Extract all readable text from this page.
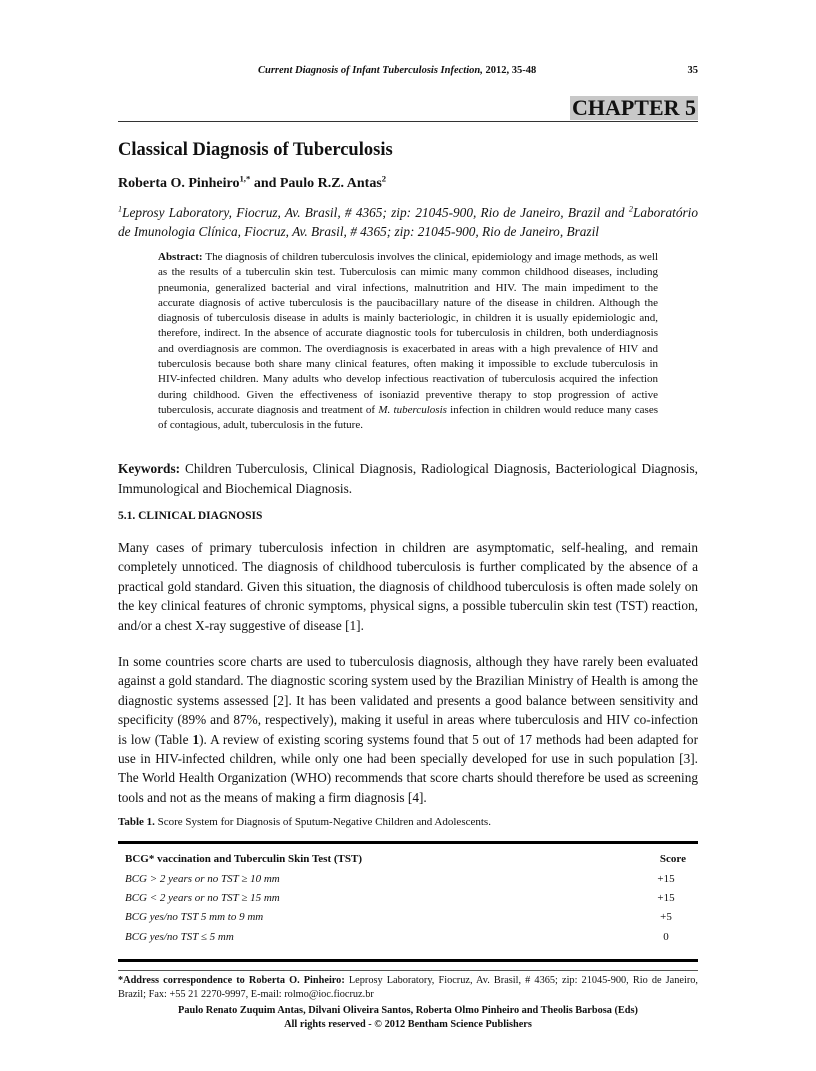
Current Diagnosis of Infant Tuberculosis Infection, 2012, 35-48	35
CHAPTER 5
Classical Diagnosis of Tuberculosis
Roberta O. Pinheiro$^{1,*}$ and Paulo R.Z. Antas$^2$
$^1$Leprosy Laboratory, Fiocruz, Av. Brasil, # 4365; zip: 21045-900, Rio de Janeiro, Brazil and $^2$Laboratório de Imunologia Clínica, Fiocruz, Av. Brasil, # 4365; zip: 21045-900, Rio de Janeiro, Brazil
Abstract: The diagnosis of children tuberculosis involves the clinical, epidemiology and image methods, as well as the results of a tuberculin skin test. Tuberculosis can mimic many common childhood diseases, including pneumonia, generalized bacterial and viral infections, malnutrition and HIV. The main impediment to the accurate diagnosis of active tuberculosis is the paucibacillary nature of the disease in children. Although the diagnosis of tuberculosis disease in adults is mainly bacteriologic, in children it is usually epidemiologic and, therefore, indirect. In the absence of accurate diagnostic tools for tuberculosis in children, both underdiagnosis and overdiagnosis are common. The overdiagnosis is exacerbated in areas with a high prevalence of HIV and tuberculosis because both share many clinical features, often making it impossible to exclude tuberculosis in HIV-infected children. Many adults who develop infectious reactivation of tuberculosis acquired the infection during childhood. Given the effectiveness of isoniazid preventive therapy to stop progression of active tuberculosis, accurate diagnosis and treatment of M. tuberculosis infection in children would reduce many cases of contagious, adult, tuberculosis in the future.
Keywords: Children Tuberculosis, Clinical Diagnosis, Radiological Diagnosis, Bacteriological Diagnosis, Immunological and Biochemical Diagnosis.
5.1. CLINICAL DIAGNOSIS
Many cases of primary tuberculosis infection in children are asymptomatic, self-healing, and remain completely unnoticed. The diagnosis of childhood tuberculosis is further complicated by the absence of a practical gold standard. Given this situation, the diagnosis of childhood tuberculosis is often made solely on the key clinical features of chronic symptoms, physical signs, a possible tuberculin skin test (TST) reaction, and/or a chest X-ray suggestive of disease [1].
In some countries score charts are used to tuberculosis diagnosis, although they have rarely been evaluated against a gold standard. The diagnostic scoring system used by the Brazilian Ministry of Health is among the diagnostic systems assessed [2]. It has been validated and presents a good balance between sensitivity and specificity (89% and 87%, respectively), making it useful in areas where tuberculosis and HIV co-infection is low (Table 1). A review of existing scoring systems found that 5 out of 17 methods had been adapted for use in HIV-infected children, while only one had been specially developed for use in such population [3]. The World Health Organization (WHO) recommends that score charts should therefore be used as screening tools and not as the means of making a firm diagnosis [4].
Table 1. Score System for Diagnosis of Sputum-Negative Children and Adolescents.
BCG* vaccination and Tuberculin Skin Test (TST)	Score
BCG > 2 years or no TST ≥ 10 mm	+15
BCG < 2 years or no TST ≥ 15 mm	+15
BCG yes/no TST 5 mm to 9 mm	+5
BCG yes/no TST ≤ 5 mm	0
*Address correspondence to Roberta O. Pinheiro: Leprosy Laboratory, Fiocruz, Av. Brasil, # 4365; zip: 21045-900, Rio de Janeiro, Brazil; Fax: +55 21 2270-9997, E-mail: rolmo@ioc.fiocruz.br
Paulo Renato Zuquim Antas, Dilvani Oliveira Santos, Roberta Olmo Pinheiro and Theolis Barbosa (Eds)
All rights reserved - © 2012 Bentham Science Publishers
